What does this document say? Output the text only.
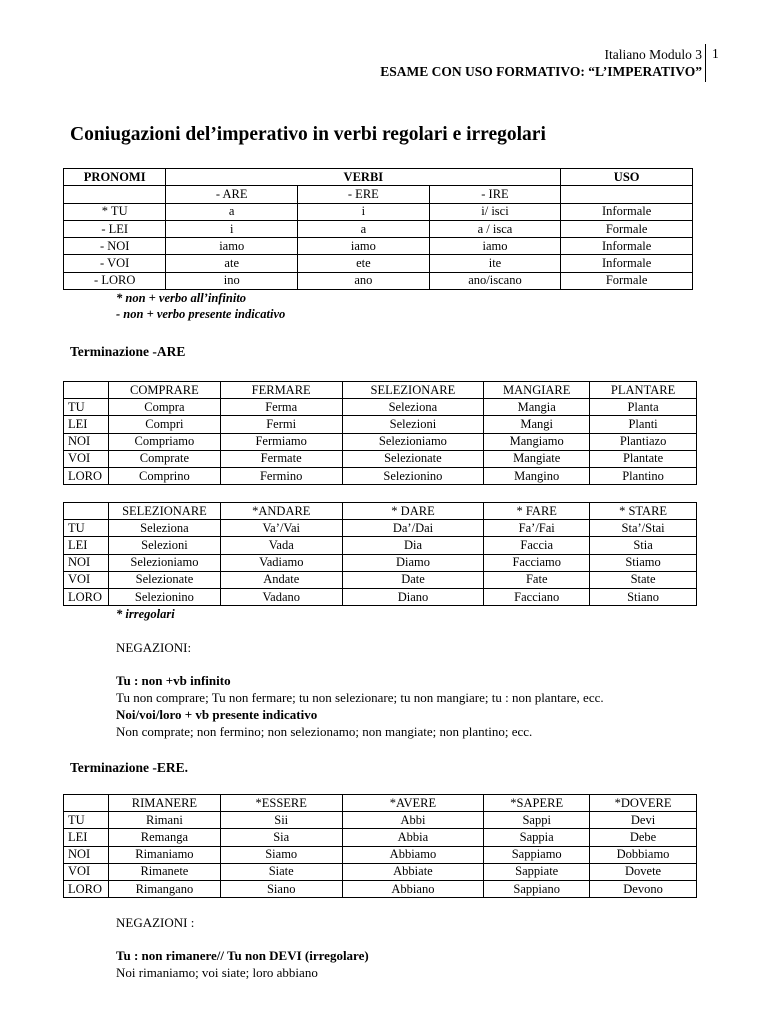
Italiano Modulo 3
ESAME CON USO FORMATIVO: “L’IMPERATIVO”
1
Coniugazioni del’imperativo in verbi regolari e irregolari
PRONOMI	VERBI			USO
	- ARE	- ERE	- IRE	
* TU	a	i	i/ isci	Informale
- LEI	i	a	a / isca	Formale
- NOI	iamo	iamo	iamo	Informale
- VOI	ate	ete	ite	Informale
- LORO	ino	ano	ano/iscano	Formale
* non + verbo all’infinito
- non + verbo presente indicativo
Terminazione -ARE
	COMPRARE	FERMARE	SELEZIONARE	MANGIARE	PLANTARE
TU	Compra	Ferma	Seleziona	Mangia	Planta
LEI	Compri	Fermi	Selezioni	Mangi	Planti
NOI	Compriamo	Fermiamo	Selezioniamo	Mangiamo	Plantiazo
VOI	Comprate	Fermate	Selezionate	Mangiate	Plantate
LORO	Comprino	Fermino	Selezionino	Mangino	Plantino
	SELEZIONARE	*ANDARE	* DARE	* FARE	* STARE
TU	Seleziona	Va’/Vai	Da’/Dai	Fa’/Fai	Sta’/Stai
LEI	Selezioni	Vada	Dia	Faccia	Stia
NOI	Selezioniamo	Vadiamo	Diamo	Facciamo	Stiamo
VOI	Selezionate	Andate	Date	Fate	State
LORO	Selezionino	Vadano	Diano	Facciano	Stiano
* irregolari
NEGAZIONI:
Tu : non +vb infinito
Tu non comprare; Tu non fermare; tu non selezionare; tu non mangiare; tu : non plantare, ecc.
Noi/voi/loro + vb presente indicativo
Non comprate; non fermino; non selezionamo; non mangiate; non plantino; ecc.
Terminazione -ERE.
	RIMANERE	*ESSERE	*AVERE	*SAPERE	*DOVERE
TU	Rimani	Sii	Abbi	Sappi	Devi
LEI	Remanga	Sia	Abbia	Sappia	Debe
NOI	Rimaniamo	Siamo	Abbiamo	Sappiamo	Dobbiamo
VOI	Rimanete	Siate	Abbiate	Sappiate	Dovete
LORO	Rimangano	Siano	Abbiano	Sappiano	Devono
NEGAZIONI :
Tu : non rimanere// Tu non DEVI (irregolare)
Noi rimaniamo; voi siate; loro abbiano
